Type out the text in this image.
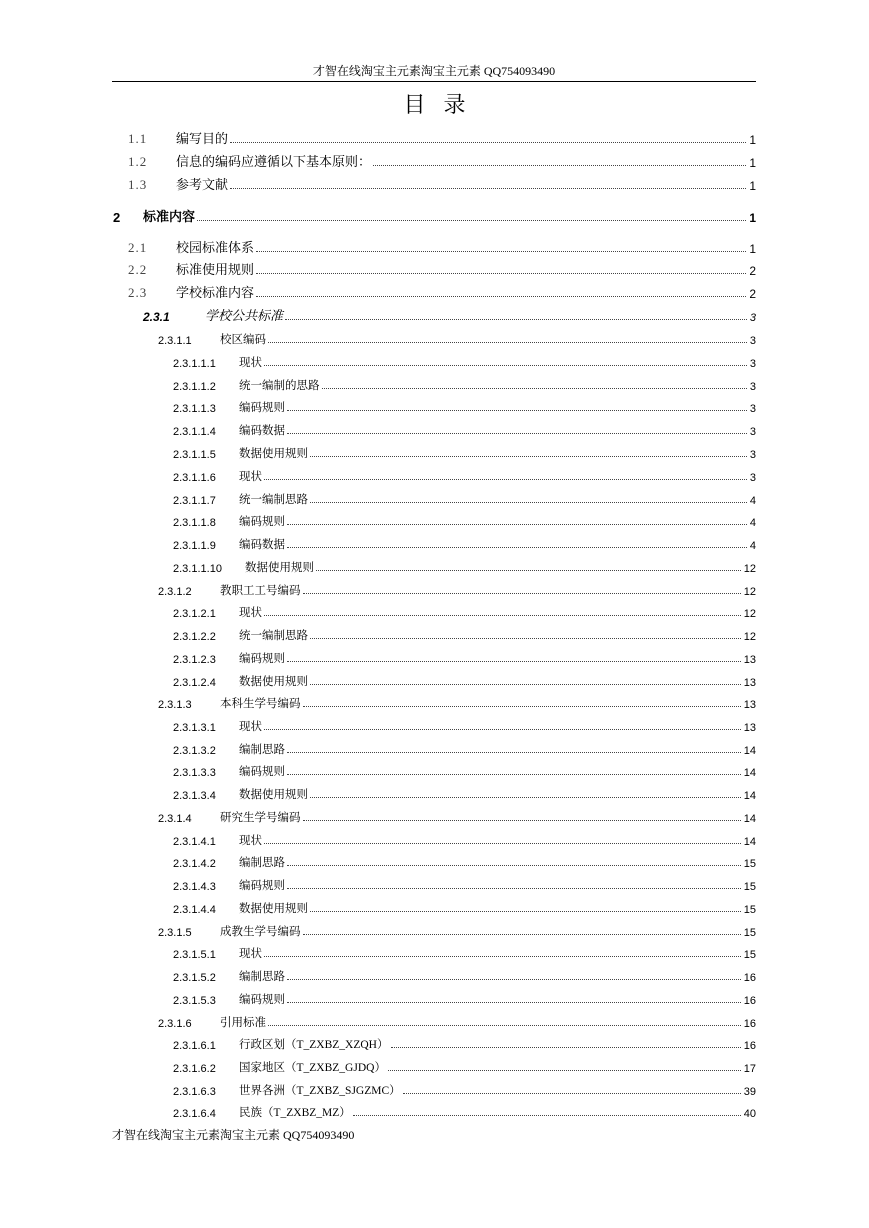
才智在线淘宝主元素淘宝主元素 QQ754093490
目录
1.1	编写目的	1
1.2	信息的编码应遵循以下基本原则：	1
1.3	参考文献	1
2	标准内容	1
2.1	校园标准体系	1
2.2	标准使用规则	2
2.3	学校标准内容	2
2.3.1	学校公共标准	3
2.3.1.1	校区编码	3
2.3.1.1.1	现状	3
2.3.1.1.2	统一编制的思路	3
2.3.1.1.3	编码规则	3
2.3.1.1.4	编码数据	3
2.3.1.1.5	数据使用规则	3
2.3.1.1.6	现状	3
2.3.1.1.7	统一编制思路	4
2.3.1.1.8	编码规则	4
2.3.1.1.9	编码数据	4
2.3.1.1.10	数据使用规则	12
2.3.1.2	教职工工号编码	12
2.3.1.2.1	现状	12
2.3.1.2.2	统一编制思路	12
2.3.1.2.3	编码规则	13
2.3.1.2.4	数据使用规则	13
2.3.1.3	本科生学号编码	13
2.3.1.3.1	现状	13
2.3.1.3.2	编制思路	14
2.3.1.3.3	编码规则	14
2.3.1.3.4	数据使用规则	14
2.3.1.4	研究生学号编码	14
2.3.1.4.1	现状	14
2.3.1.4.2	编制思路	15
2.3.1.4.3	编码规则	15
2.3.1.4.4	数据使用规则	15
2.3.1.5	成教生学号编码	15
2.3.1.5.1	现状	15
2.3.1.5.2	编制思路	16
2.3.1.5.3	编码规则	16
2.3.1.6	引用标准	16
2.3.1.6.1	行政区划（T_ZXBZ_XZQH）	16
2.3.1.6.2	国家地区（T_ZXBZ_GJDQ）	17
2.3.1.6.3	世界各洲（T_ZXBZ_SJGZMC）	39
2.3.1.6.4	民族（T_ZXBZ_MZ）	40
才智在线淘宝主元素淘宝主元素 QQ754093490
